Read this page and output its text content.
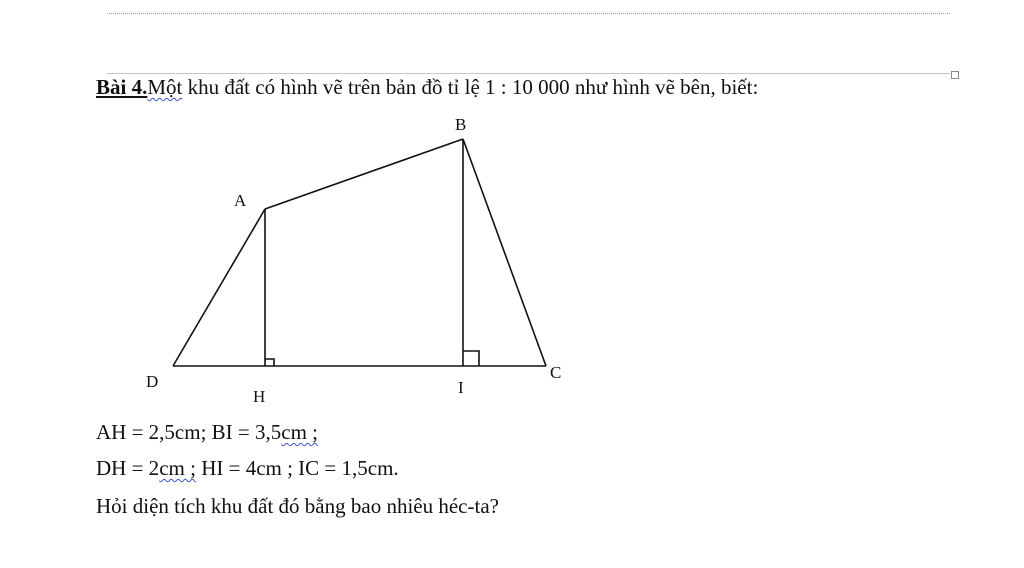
Bài 4.Một khu đất có hình vẽ trên bản đồ tỉ lệ 1 : 10 000 như hình vẽ bên, biết:
B
A
D
H	I
C
AH = 2,5cm; BI = 3,5cm ;
DH = 2cm ; HI = 4cm ; IC = 1,5cm.
Hỏi diện tích khu đất đó bằng bao nhiêu héc-ta?
